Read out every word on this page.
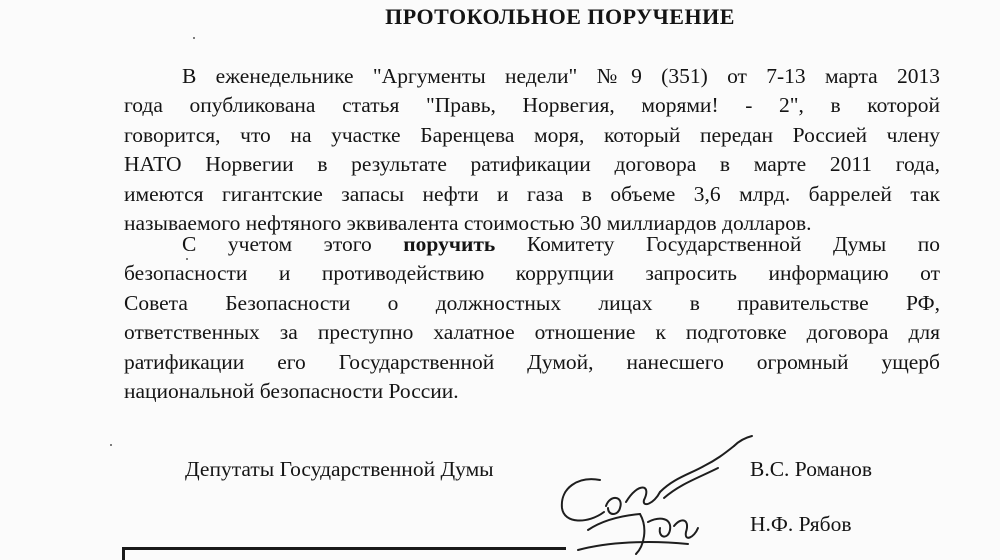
ПРОТОКОЛЬНОЕ ПОРУЧЕНИЕ

В еженедельнике "Аргументы недели" №9 (351) от 7-13 марта 2013
года опубликована статья "Правь, Норвегия, морями! - 2", в которой
говорится, что на участке Баренцева моря, который передан Россией члену
НАТО Норвегии в результате ратификации договора в марте 2011 года,
имеются гигантские запасы нефти и газа в объеме 3,6 млрд. баррелей так
называемого нефтяного эквивалента стоимостью 30 миллиардов долларов.

С учетом этого поручить Комитету Государственной Думы по
безопасности и противодействию коррупции запросить информацию от
Совета Безопасности о должностных лицах в правительстве РФ,
ответственных за преступно халатное отношение к подготовке договора для
ратификации его Государственной Думой, нанесшего огромный ущерб
национальной безопасности России.

Депутаты Государственной Думы	В.С. Романов
Н.Ф. Рябов
